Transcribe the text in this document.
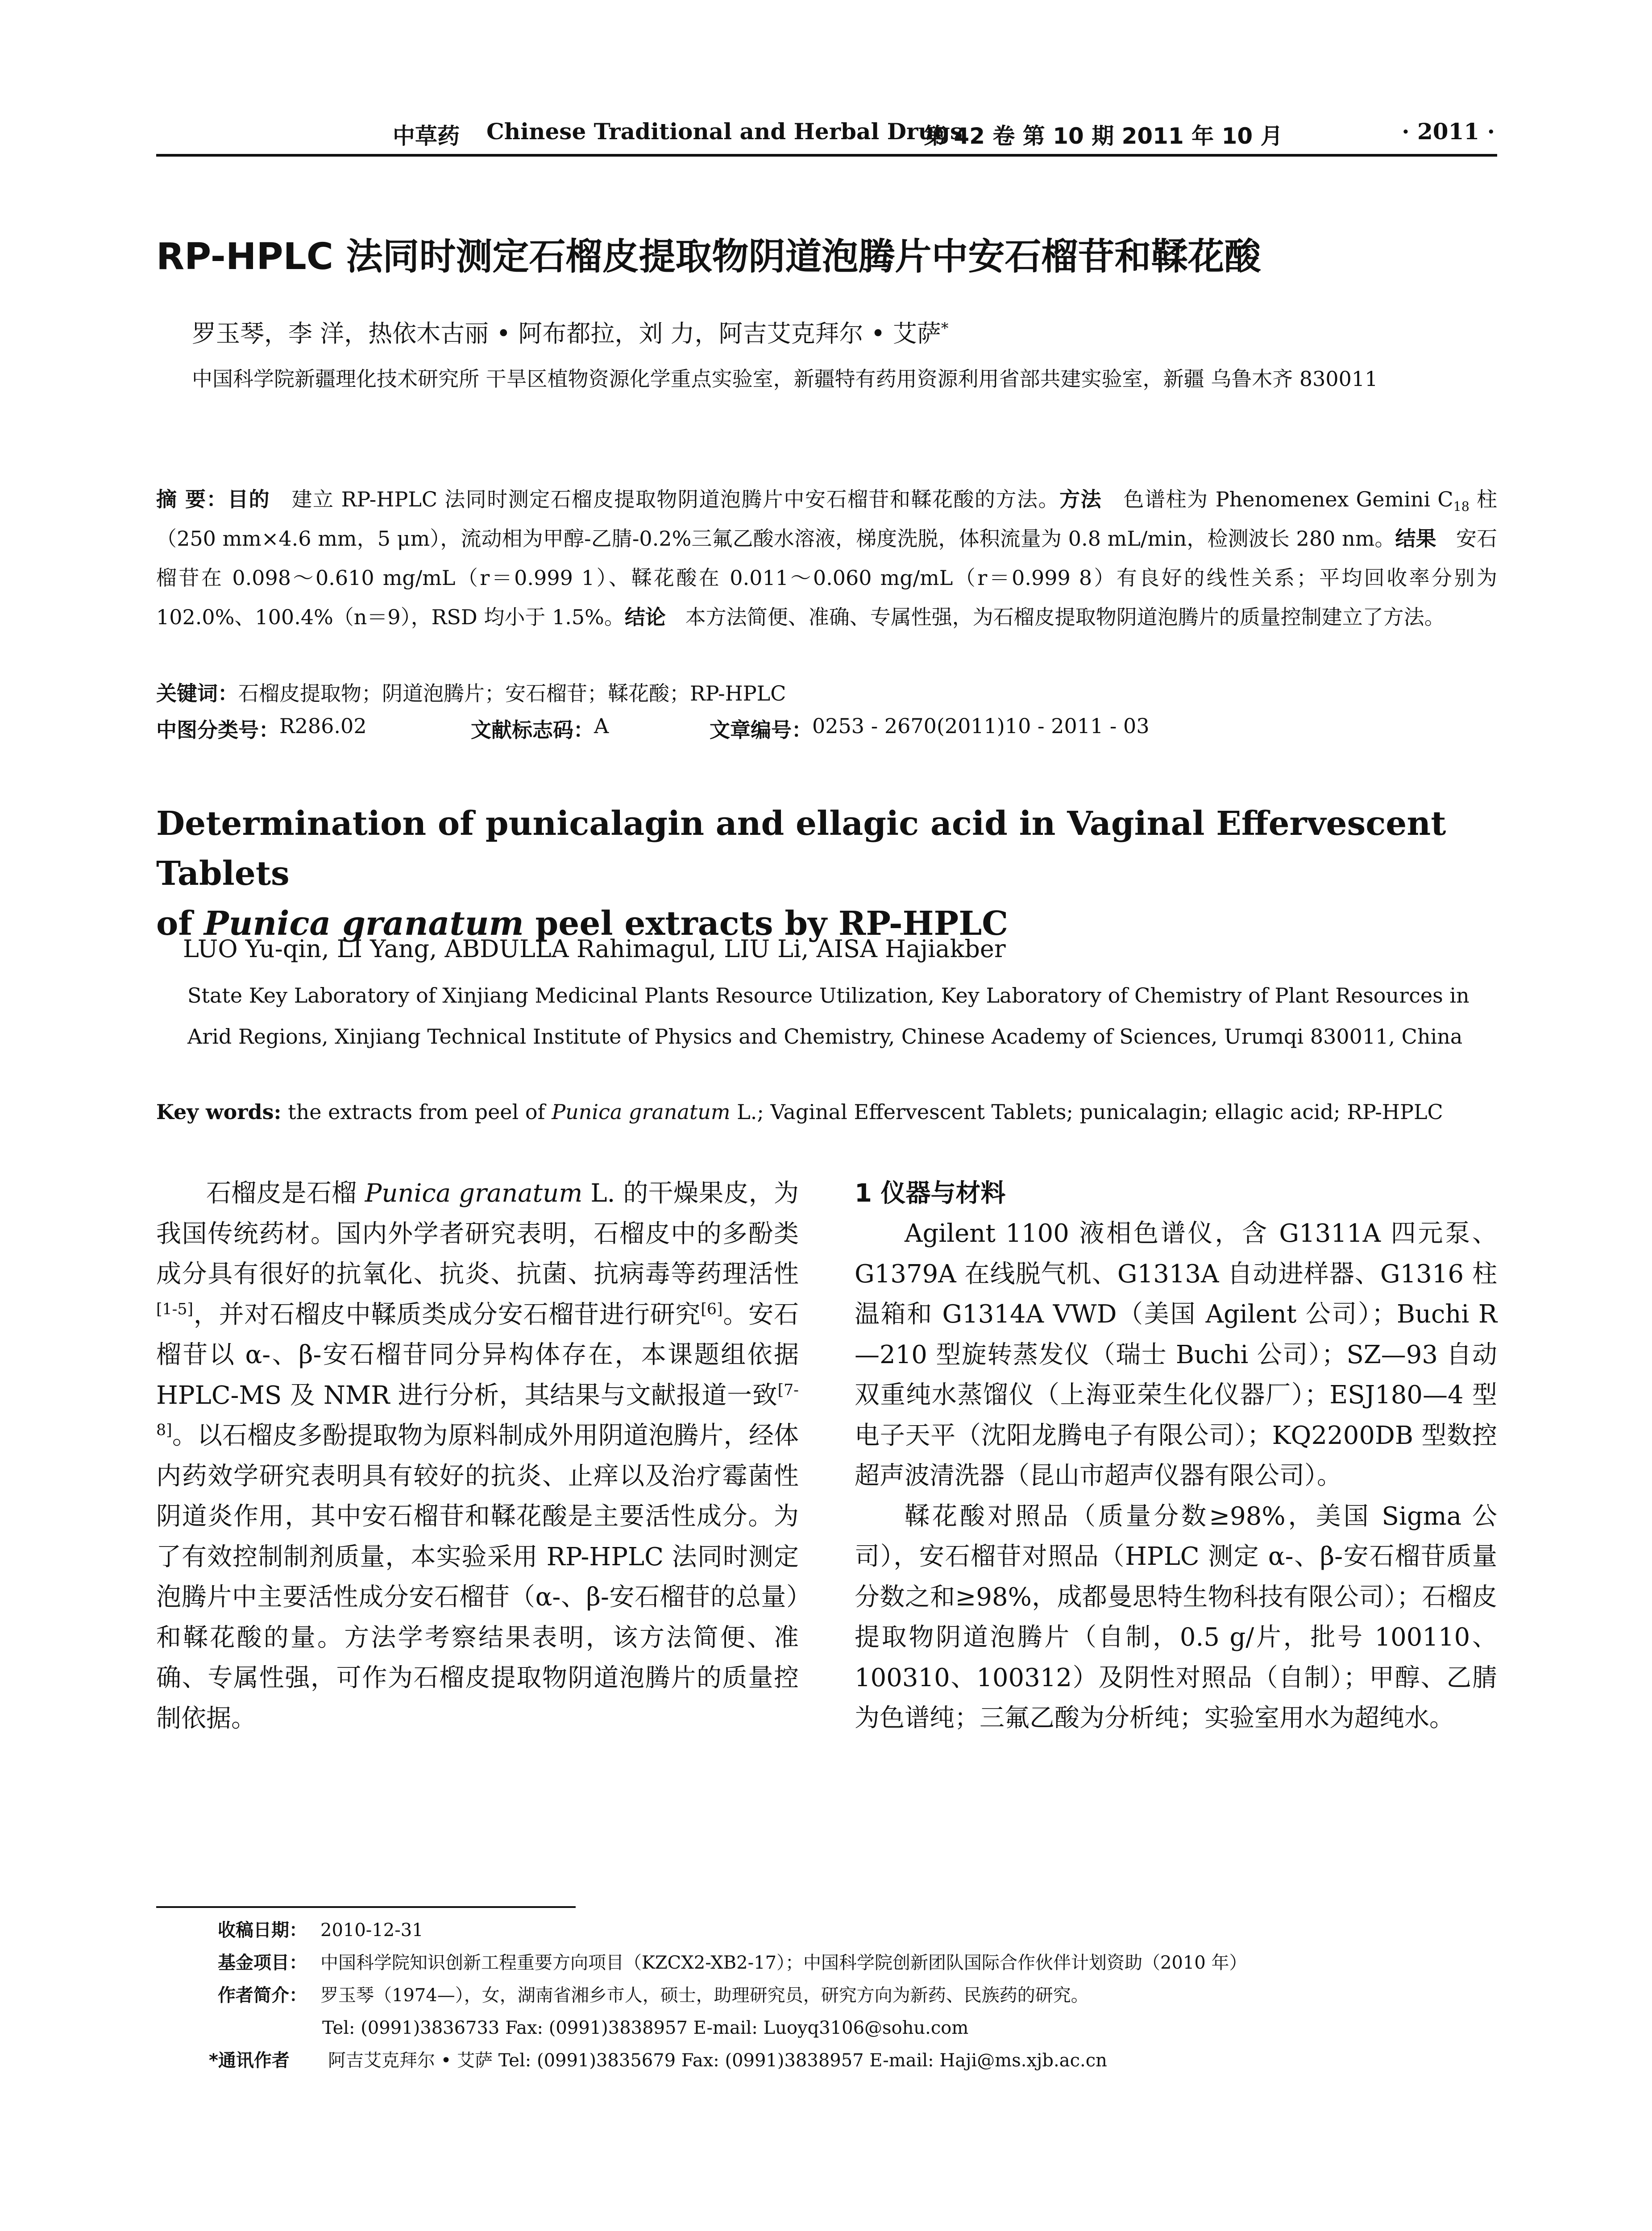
中草药 Chinese Traditional and Herbal Drugs
第 42 卷 第 10 期 2011 年 10 月	· 2011 ·
RP-HPLC 法同时测定石榴皮提取物阴道泡腾片中安石榴苷和鞣花酸
罗玉琴，李 洋，热依木古丽 • 阿布都拉，刘 力，阿吉艾克拜尔 • 艾萨*
中国科学院新疆理化技术研究所 干旱区植物资源化学重点实验室，新疆特有药用资源利用省部共建实验室，新疆 乌鲁木齐 830011
摘 要：目的 建立 RP-HPLC 法同时测定石榴皮提取物阴道泡腾片中安石榴苷和鞣花酸的方法。方法 色谱柱为 Phenomenex Gemini $C_{18}$ 柱（250 mm×4.6 mm，5 μm），流动相为甲醇-乙腈-0.2%三氟乙酸水溶液，梯度洗脱，体积流量为 0.8 mL/min，检测波长 280 nm。结果 安石榴苷在 0.098～0.610 mg/mL（r＝0.999 1）、鞣花酸在 0.011～0.060 mg/mL（r＝0.999 8）有良好的线性关系；平均回收率分别为 102.0%、100.4%（n＝9），RSD 均小于 1.5%。结论 本方法简便、准确、专属性强，为石榴皮提取物阴道泡腾片的质量控制建立了方法。
关键词：石榴皮提取物；阴道泡腾片；安石榴苷；鞣花酸；RP-HPLC
中图分类号： R286.02	文献标志码： A	文章编号： 0253 - 2670(2011)10 - 2011 - 03
Determination of punicalagin and ellagic acid in Vaginal Effervescent Tablets
of Punica granatum peel extracts by RP-HPLC
LUO Yu-qin, LI Yang, ABDULLA Rahimagul, LIU Li, AISA Hajiakber
State Key Laboratory of Xinjiang Medicinal Plants Resource Utilization, Key Laboratory of Chemistry of Plant Resources in Arid Regions, Xinjiang Technical Institute of Physics and Chemistry, Chinese Academy of Sciences, Urumqi 830011, China
Key words: the extracts from peel of Punica granatum L.; Vaginal Effervescent Tablets; punicalagin; ellagic acid; RP-HPLC

石榴皮是石榴 Punica granatum L. 的干燥果皮，为我国传统药材。国内外学者研究表明，石榴皮中的多酚类成分具有很好的抗氧化、抗炎、抗菌、抗病毒等药理活性[1-5]，并对石榴皮中鞣质类成分安石榴苷进行研究[6]。安石榴苷以 α-、β-安石榴苷同分异构体存在，本课题组依据 HPLC-MS 及 NMR 进行分析，其结果与文献报道一致[7-8]。以石榴皮多酚提取物为原料制成外用阴道泡腾片，经体内药效学研究表明具有较好的抗炎、止痒以及治疗霉菌性阴道炎作用，其中安石榴苷和鞣花酸是主要活性成分。为了有效控制制剂质量，本实验采用 RP-HPLC 法同时测定泡腾片中主要活性成分安石榴苷（α-、β-安石榴苷的总量）和鞣花酸的量。方法学考察结果表明，该方法简便、准确、专属性强，可作为石榴皮提取物阴道泡腾片的质量控制依据。

1 仪器与材料

Agilent 1100 液相色谱仪，含 G1311A 四元泵、G1379A 在线脱气机、G1313A 自动进样器、G1316 柱温箱和 G1314A VWD（美国 Agilent 公司）；Buchi R—210 型旋转蒸发仪（瑞士 Buchi 公司）；SZ—93 自动双重纯水蒸馏仪（上海亚荣生化仪器厂）；ESJ180—4 型电子天平（沈阳龙腾电子有限公司）；KQ2200DB 型数控超声波清洗器（昆山市超声仪器有限公司）。

鞣花酸对照品（质量分数≥98%，美国 Sigma 公司），安石榴苷对照品（HPLC 测定 α-、β-安石榴苷质量分数之和≥98%，成都曼思特生物科技有限公司）；石榴皮提取物阴道泡腾片（自制，0.5 g/片，批号 100110、100310、100312）及阴性对照品（自制）；甲醇、乙腈为色谱纯；三氟乙酸为分析纯；实验室用水为超纯水。

收稿日期： 2010-12-31
基金项目： 中国科学院知识创新工程重要方向项目（KZCX2-XB2-17）；中国科学院创新团队国际合作伙伴计划资助（2010 年）
作者简介： 罗玉琴（1974—），女，湖南省湘乡市人，硕士，助理研究员，研究方向为新药、民族药的研究。
Tel: (0991)3836733 Fax: (0991)3838957 E-mail: Luoyq3106@sohu.com
*通讯作者 阿吉艾克拜尔 • 艾萨 Tel: (0991)3835679 Fax: (0991)3838957 E-mail: Haji@ms.xjb.ac.cn
